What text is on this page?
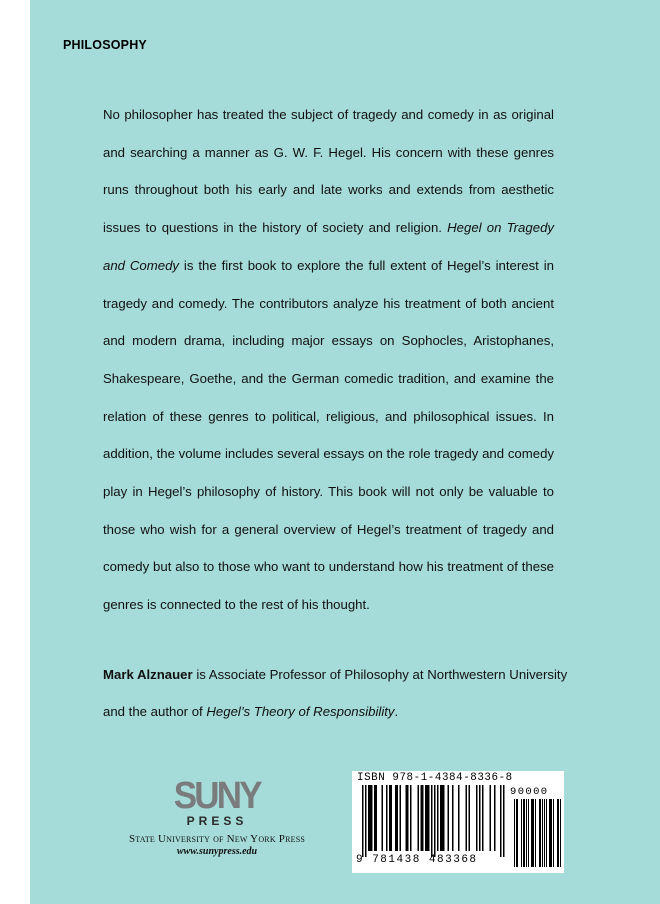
PHILOSOPHY

No philosopher has treated the subject of tragedy and comedy in as original and searching a manner as G. W. F. Hegel. His concern with these genres runs throughout both his early and late works and extends from aesthetic issues to questions in the history of society and religion. Hegel on Tragedy and Comedy is the first book to explore the full extent of Hegel’s interest in tragedy and comedy. The contributors analyze his treatment of both ancient and modern drama, including major essays on Sophocles, Aristophanes, Shakespeare, Goethe, and the German comedic tradition, and examine the relation of these genres to political, religious, and philosophical issues. In addition, the volume includes several essays on the role tragedy and comedy play in Hegel’s philosophy of history. This book will not only be valuable to those who wish for a general overview of Hegel’s treatment of tragedy and comedy but also to those who want to understand how his treatment of these genres is connected to the rest of his thought.

Mark Alznauer is Associate Professor of Philosophy at Northwestern University
and the author of Hegel’s Theory of Responsibility.

SUNY
PRESS
State University of New York Press
www.sunypress.edu
ISBN 978-1-4384-8336-8
9 781438 483368
90000
